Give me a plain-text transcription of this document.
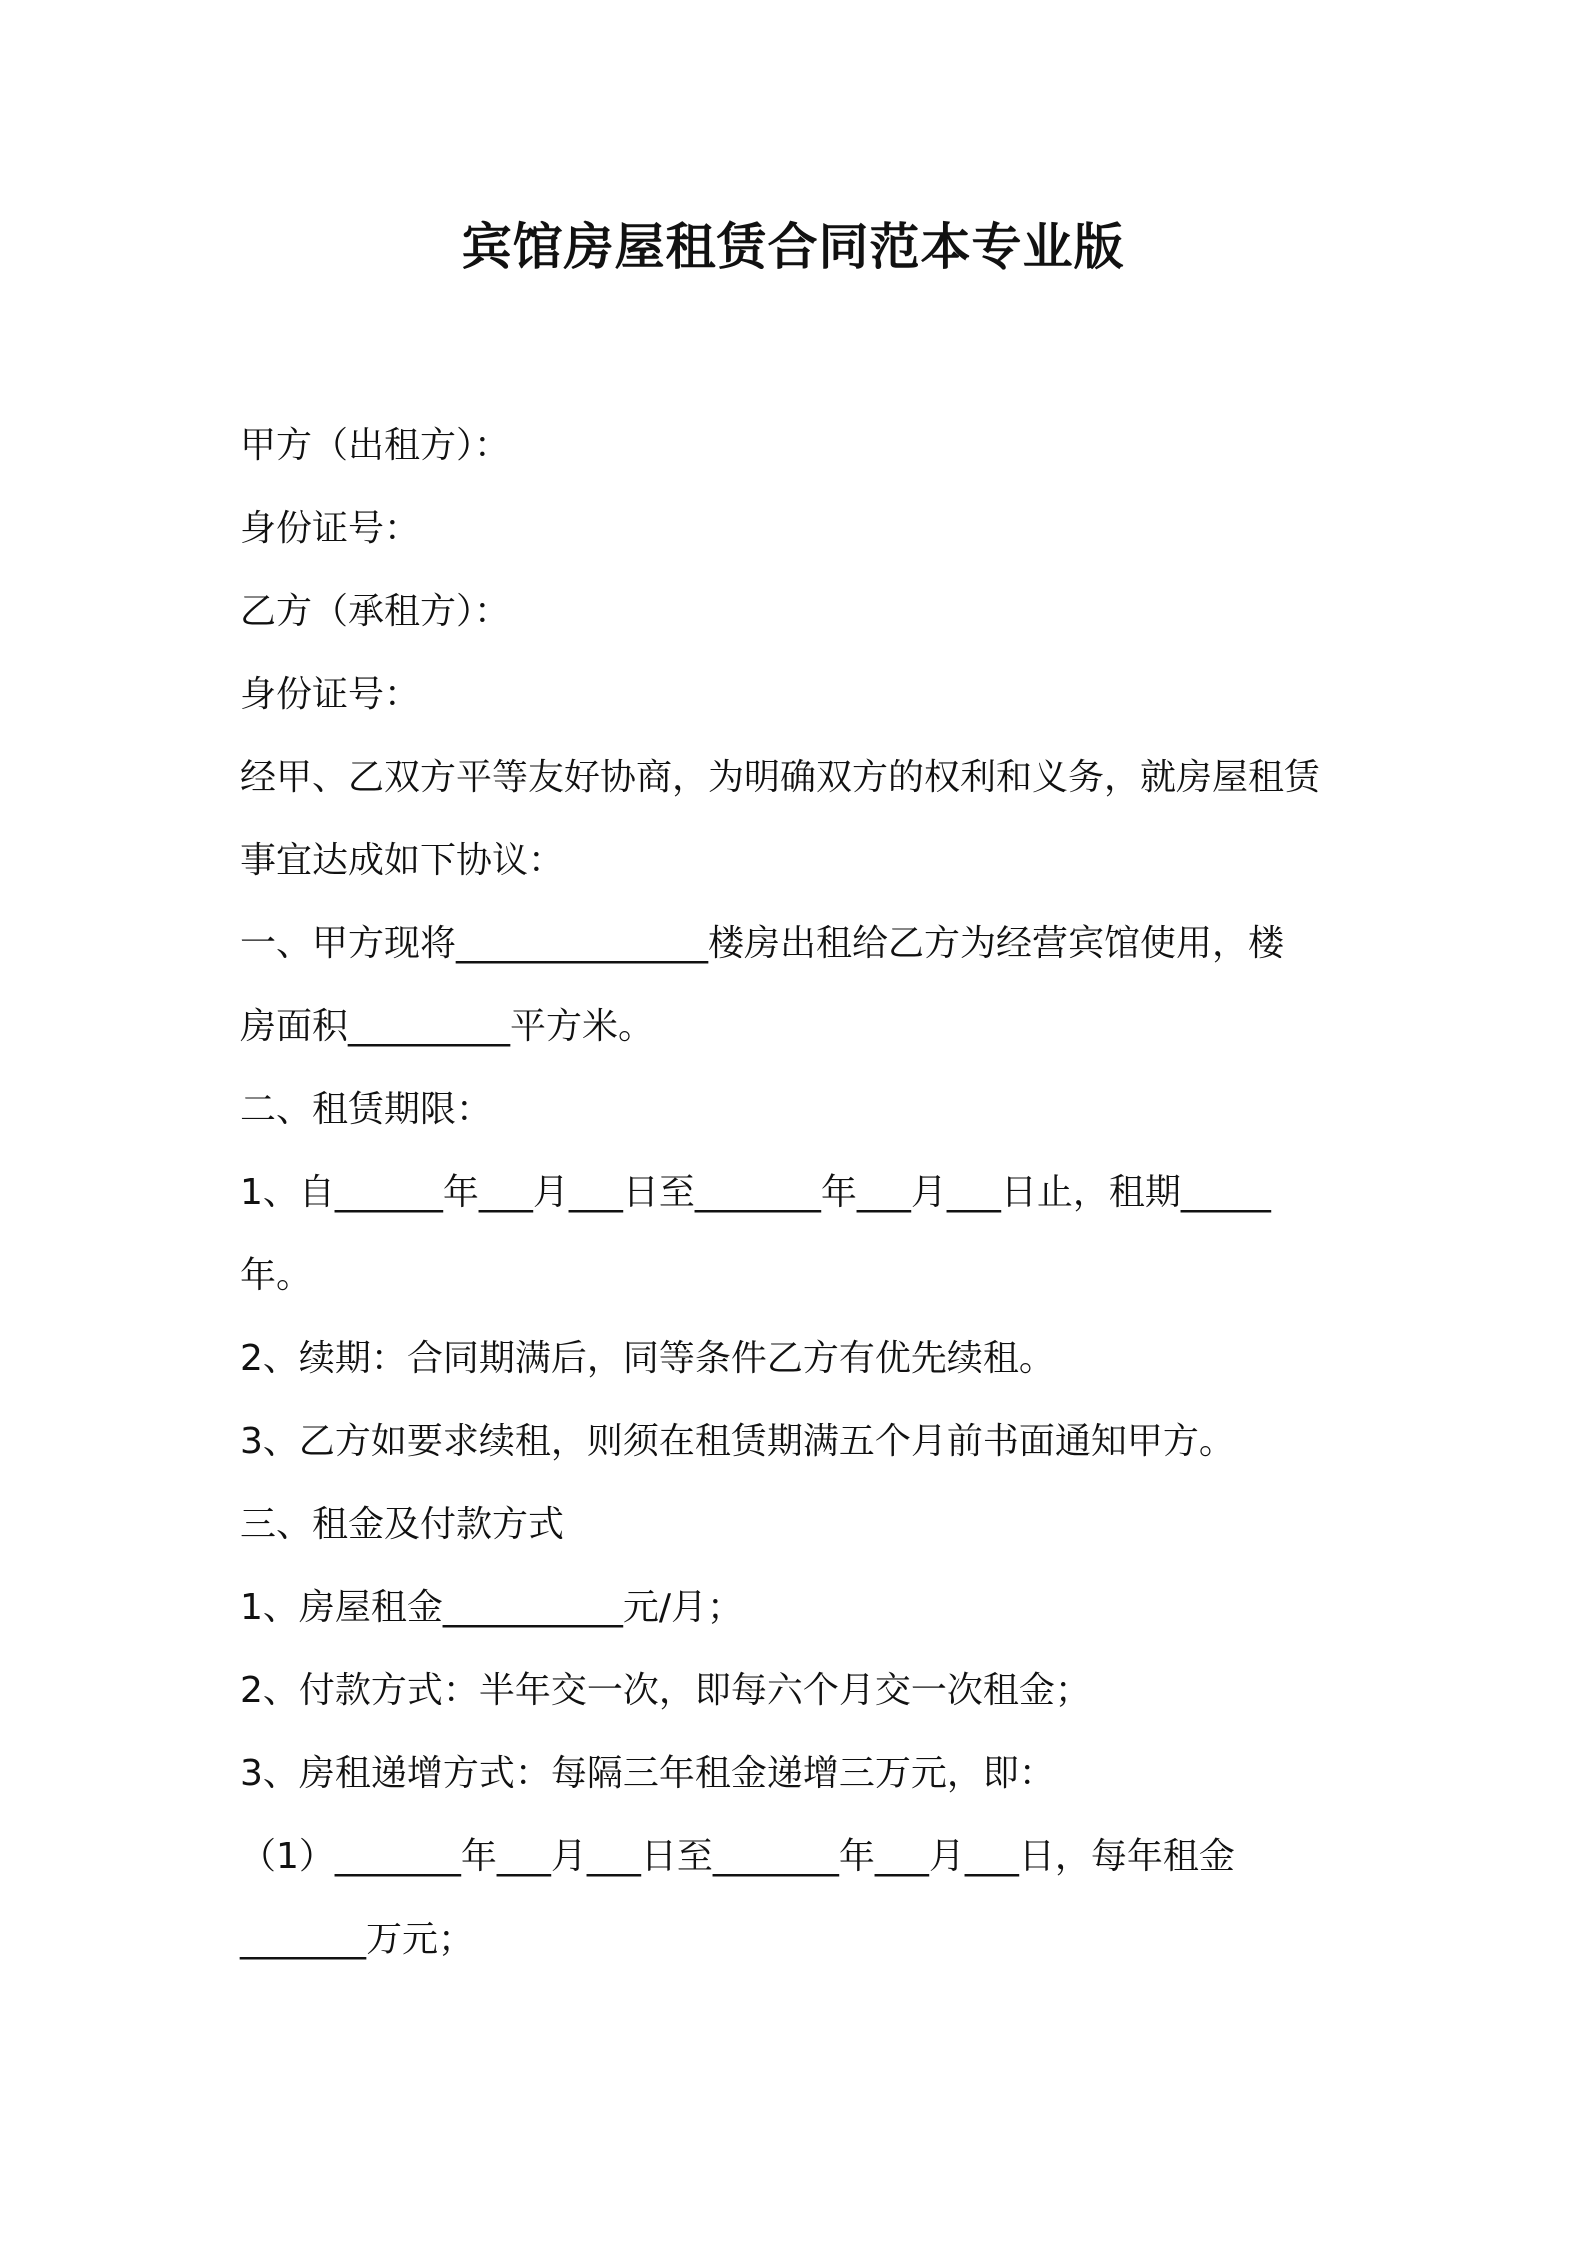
宾馆房屋租赁合同范本专业版
甲方（出租方）：
身份证号：
乙方（承租方）：
身份证号：
经甲、乙双方平等友好协商，为明确双方的权利和义务，就房屋租赁
事宜达成如下协议：
一、甲方现将______________楼房出租给乙方为经营宾馆使用，楼
房面积_________平方米。
二、租赁期限：
1、自______年___月___日至_______年___月___日止，租期_____
年。
2、续期：合同期满后，同等条件乙方有优先续租。
3、乙方如要求续租，则须在租赁期满五个月前书面通知甲方。
三、租金及付款方式
1、房屋租金__________元/月；
2、付款方式：半年交一次，即每六个月交一次租金；
3、房租递增方式：每隔三年租金递增三万元，即：
（1）_______年___月___日至_______年___月___日，每年租金
_______万元；
